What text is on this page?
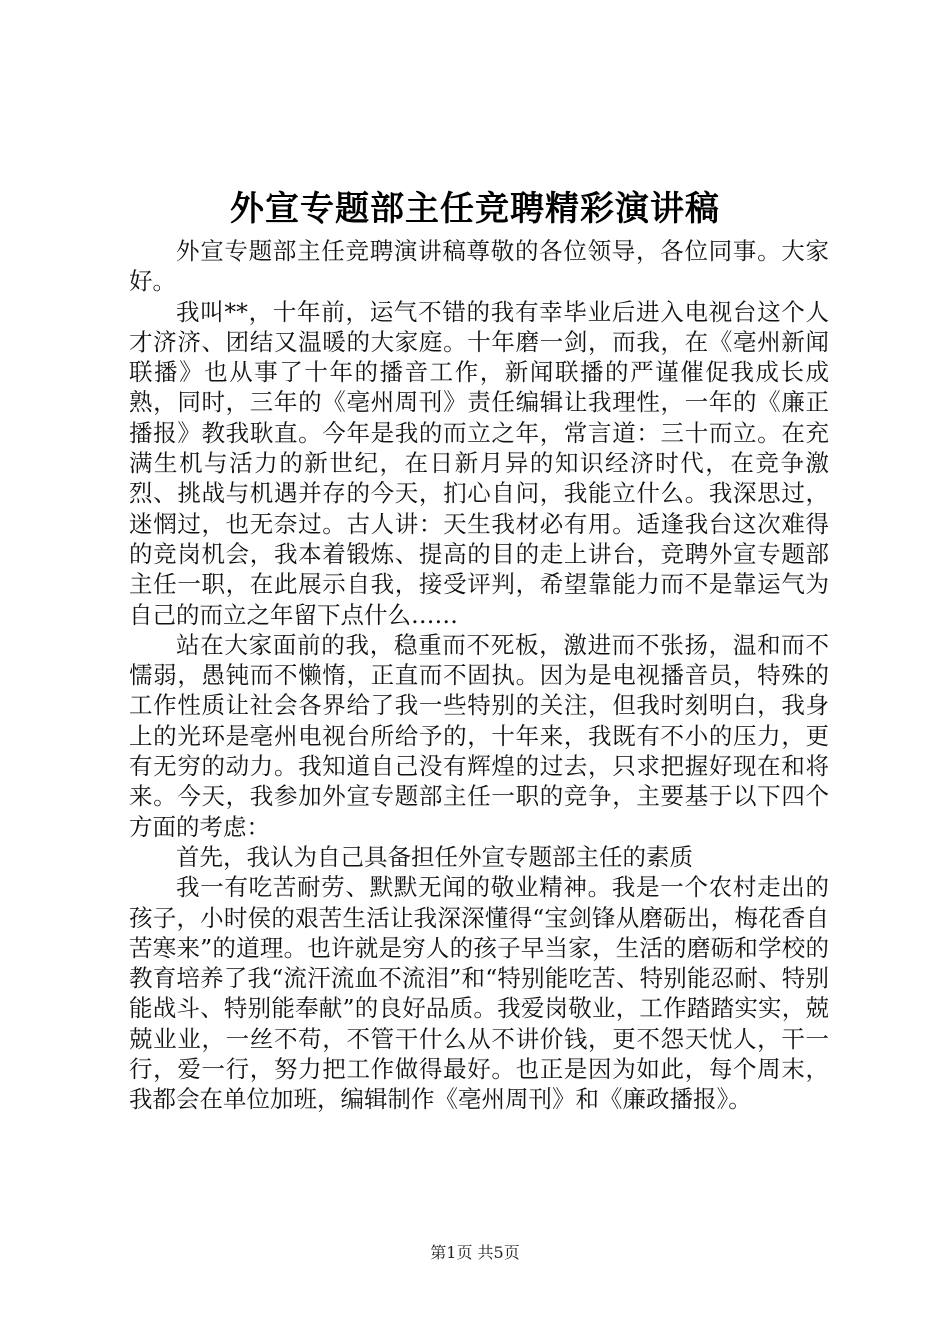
外宣专题部主任竞聘精彩演讲稿

外宣专题部主任竞聘演讲稿尊敬的各位领导，各位同事。大家好。

我叫**，十年前，运气不错的我有幸毕业后进入电视台这个人才济济、团结又温暖的大家庭。十年磨一剑，而我，在《亳州新闻联播》也从事了十年的播音工作，新闻联播的严谨催促我成长成熟，同时，三年的《亳州周刊》责任编辑让我理性，一年的《廉正播报》教我耿直。今年是我的而立之年，常言道：三十而立。在充满生机与活力的新世纪，在日新月异的知识经济时代，在竞争激烈、挑战与机遇并存的今天，扪心自问，我能立什么。我深思过，迷惘过，也无奈过。古人讲：天生我材必有用。适逢我台这次难得的竞岗机会，我本着锻炼、提高的目的走上讲台，竞聘外宣专题部主任一职，在此展示自我，接受评判，希望靠能力而不是靠运气为自己的而立之年留下点什么……

站在大家面前的我，稳重而不死板，激进而不张扬，温和而不懦弱，愚钝而不懒惰，正直而不固执。因为是电视播音员，特殊的工作性质让社会各界给了我一些特别的关注，但我时刻明白，我身上的光环是亳州电视台所给予的，十年来，我既有不小的压力，更有无穷的动力。我知道自己没有辉煌的过去，只求把握好现在和将来。今天，我参加外宣专题部主任一职的竞争，主要基于以下四个方面的考虑：

首先，我认为自己具备担任外宣专题部主任的素质

我一有吃苦耐劳、默默无闻的敬业精神。我是一个农村走出的孩子，小时侯的艰苦生活让我深深懂得“宝剑锋从磨砺出，梅花香自苦寒来”的道理。也许就是穷人的孩子早当家，生活的磨砺和学校的教育培养了我“流汗流血不流泪”和“特别能吃苦、特别能忍耐、特别能战斗、特别能奉献”的良好品质。我爱岗敬业，工作踏踏实实，兢兢业业，一丝不苟，不管干什么从不讲价钱，更不怨天忧人，干一行，爱一行，努力把工作做得最好。也正是因为如此，每个周末，我都会在单位加班，编辑制作《亳州周刊》和《廉政播报》。

第1页 共5页
